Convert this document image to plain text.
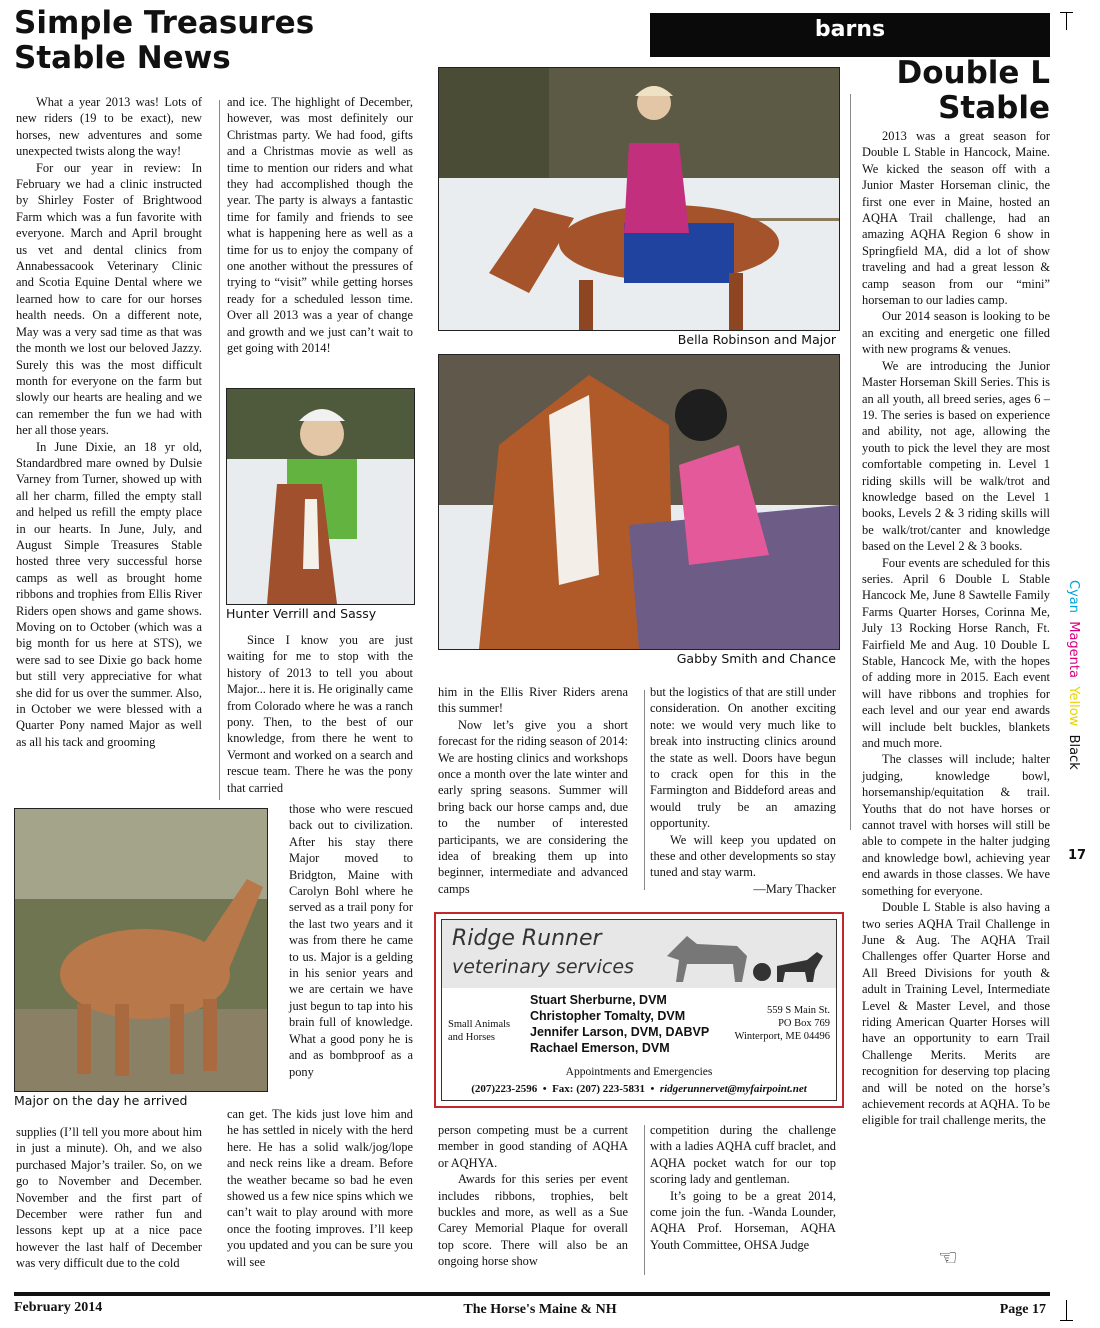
Simple Treasures
Stable News
barns
Double L
Stable

What a year 2013 was! Lots of new riders (19 to be exact), new horses, new adventures and some unexpected twists along the way!

For our year in review: In February we had a clinic instructed by Shirley Foster of Brightwood Farm which was a fun favorite with everyone. March and April brought us vet and dental clinics from Annabessacook Veterinary Clinic and Scotia Equine Dental where we learned how to care for our horses health needs. On a different note, May was a very sad time as that was the month we lost our beloved Jazzy. Surely this was the most difficult month for everyone on the farm but slowly our hearts are healing and we can remember the fun we had with her all those years.

In June Dixie, an 18 yr old, Standardbred mare owned by Dulsie Varney from Turner, showed up with all her charm, filled the empty stall and helped us refill the empty place in our hearts. In June, July, and August Simple Treasures Stable hosted three very successful horse camps as well as brought home ribbons and trophies from Ellis River Riders open shows and game shows. Moving on to October (which was a big month for us here at STS), we were sad to see Dixie go back home but still very appreciative for what she did for us over the summer. Also, in October we were blessed with a Quarter Pony named Major as well as all his tack and grooming

Major on the day he arrived

supplies (I’ll tell you more about him in just a minute). Oh, and we also purchased Major’s trailer. So, on we go to November and December. November and the first part of December were rather fun and lessons kept up at a nice pace however the last half of December was very difficult due to the cold

and ice. The highlight of December, however, was most definitely our Christmas party. We had food, gifts and a Christmas movie as well as time to mention our riders and what they had accomplished though the year. The party is always a fantastic time for family and friends to see what is happening here as well as a time for us to enjoy the company of one another without the pressures of trying to “visit” while getting horses ready for a scheduled lesson time. Over all 2013 was a year of change and growth and we just can’t wait to get going with 2014!

Hunter Verrill and Sassy

Since I know you are just waiting for me to stop with the history of 2013 to tell you about Major... here it is. He originally came from Colorado where he was a ranch pony. Then, to the best of our knowledge, from there he went to Vermont and worked on a search and rescue team. There he was the pony that carried

those who were rescued back out to civilization. After his stay there Major moved to Bridgton, Maine with Carolyn Bohl where he served as a trail pony for the last two years and it was from there he came to us. Major is a gelding in his senior years and we are certain we have just begun to tap into his brain full of knowledge. What a good pony he is and as bombproof as a pony

can get. The kids just love him and he has settled in nicely with the herd here. He has a solid walk/jog/lope and neck reins like a dream. Before the weather became so bad he even showed us a few nice spins which we can’t wait to play around with more once the footing improves. I’ll keep you updated and you can be sure you will see

Bella Robinson and Major
Gabby Smith and Chance

him in the Ellis River Riders arena this summer!

Now let’s give you a short forecast for the riding season of 2014: We are hosting clinics and workshops once a month over the late winter and early spring seasons. Summer will bring back our horse camps and, due to the number of interested participants, we are considering the idea of breaking them up into beginner, intermediate and advanced camps

but the logistics of that are still under consideration. On another exciting note: we would very much like to break into instructing clinics around the state as well. Doors have begun to crack open for this in the Farmington and Biddeford areas and would truly be an amazing opportunity.

We will keep you updated on these and other developments so stay tuned and stay warm.

—Mary Thacker
Ridge Runner
veterinary services
Small Animals and Horses
Stuart Sherburne, DVM
Christopher Tomalty, DVM
Jennifer Larson, DVM, DABVP
Rachael Emerson, DVM
559 S Main St.
PO Box 769
Winterport, ME 04496
Appointments and Emergencies
(207)223-2596  •  Fax: (207) 223-5831  •  ridgerunnervet@myfairpoint.net

person competing must be a current member in good standing of AQHA or AQHYA.

Awards for this series per event includes ribbons, trophies, belt buckles and more, as well as a Sue Carey Memorial Plaque for overall top score. There will also be an ongoing horse show

competition during the challenge with a ladies AQHA cuff braclet, and AQHA pocket watch for our top scoring lady and gentleman.

It’s going to be a great 2014, come join the fun. -Wanda Lounder, AQHA Prof. Horseman, AQHA Youth Committee, OHSA Judge

2013 was a great season for Double L Stable in Hancock, Maine. We kicked the season off with a Junior Master Horseman clinic, the first one ever in Maine, hosted an AQHA Trail challenge, had an amazing AQHA Region 6 show in Springfield MA, did a lot of show traveling and had a great lesson & camp season from our “mini” horseman to our ladies camp.

Our 2014 season is looking to be an exciting and energetic one filled with new programs & venues.

We are introducing the Junior Master Horseman Skill Series. This is an all youth, all breed series, ages 6 – 19. The series is based on experience and ability, not age, allowing the youth to pick the level they are most comfortable competing in. Level 1 riding skills will be walk/trot and knowledge based on the Level 1 books, Levels 2 & 3 riding skills will be walk/trot/canter and knowledge based on the Level 2 & 3 books.

Four events are scheduled for this series. April 6 Double L Stable Hancock Me, June 8 Sawtelle Family Farms Quarter Horses, Corinna Me, July 13 Rocking Horse Ranch, Ft. Fairfield Me and Aug. 10 Double L Stable, Hancock Me, with the hopes of adding more in 2015. Each event will have ribbons and trophies for each level and our year end awards will include belt buckles, blankets and much more.

The classes will include; halter judging, knowledge bowl, horsemanship/equitation & trail. Youths that do not have horses or cannot travel with horses will still be able to compete in the halter judging and knowledge bowl, achieving year end awards in those classes. We have something for everyone.

Double L Stable is also having a two series AQHA Trail Challenge in June & Aug. The AQHA Trail Challenges offer Quarter Horse and All Breed Divisions for youth & adult in Training Level, Intermediate Level & Master Level, and those riding American Quarter Horses will have an opportunity to earn Trail Challenge Merits. Merits are recognition for deserving top placing and will be noted on the horse’s achievement records at AQHA. To be eligible for trail challenge merits, the

☜
Cyan  Magenta  Yellow  Black
17
February 2014	The Horse's Maine & NH	Page 17
